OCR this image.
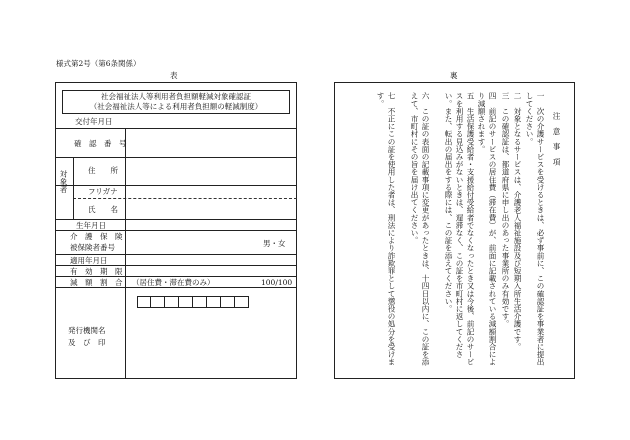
様式第2号（第6条関係）
表	裏
社会福祉法人等利用者負担額軽減対象確認証
（社会福祉法人等による利用者負担額の軽減制度）
交付年月日
確　認　番　号
対象者	住　　所
フリガナ
氏　　名
生年月日
介　護　保　険
被保険者番号	男・女
適用年月日
有　効　期　限
減　額　割　合 （居住費・滞在費のみ）	100/100
発行機関名
及　び　印
注　意　事　項
一　次の介護サービスを受けるときは、必ず事前に、この確認証を事業者に提出してください。
二　対象となるサービスは、介護老人福祉施設及び短期入所生活介護です。
三　この確認証は、都道府県に申し出のあった事業所のみ有効です。
四　前記のサービスの居住費（滞在費）が、前面に記載されている減額割合により減額されます。
五　生活保護受給者・支援給付受給者でなくなったとき又は今後、前記のサービスを利用する見込みがないときは、遅滞なく、この証を市町村に返してください。また、転出の届出をする際には、この証を添えてください。
六　この証の表面の記載事項に変更があったときは、十四日以内に、この証を添えて、市町村にその旨を届け出てください。
七　不正にこの証を使用した者は、刑法により詐欺罪として懲役の処分を受けます。
